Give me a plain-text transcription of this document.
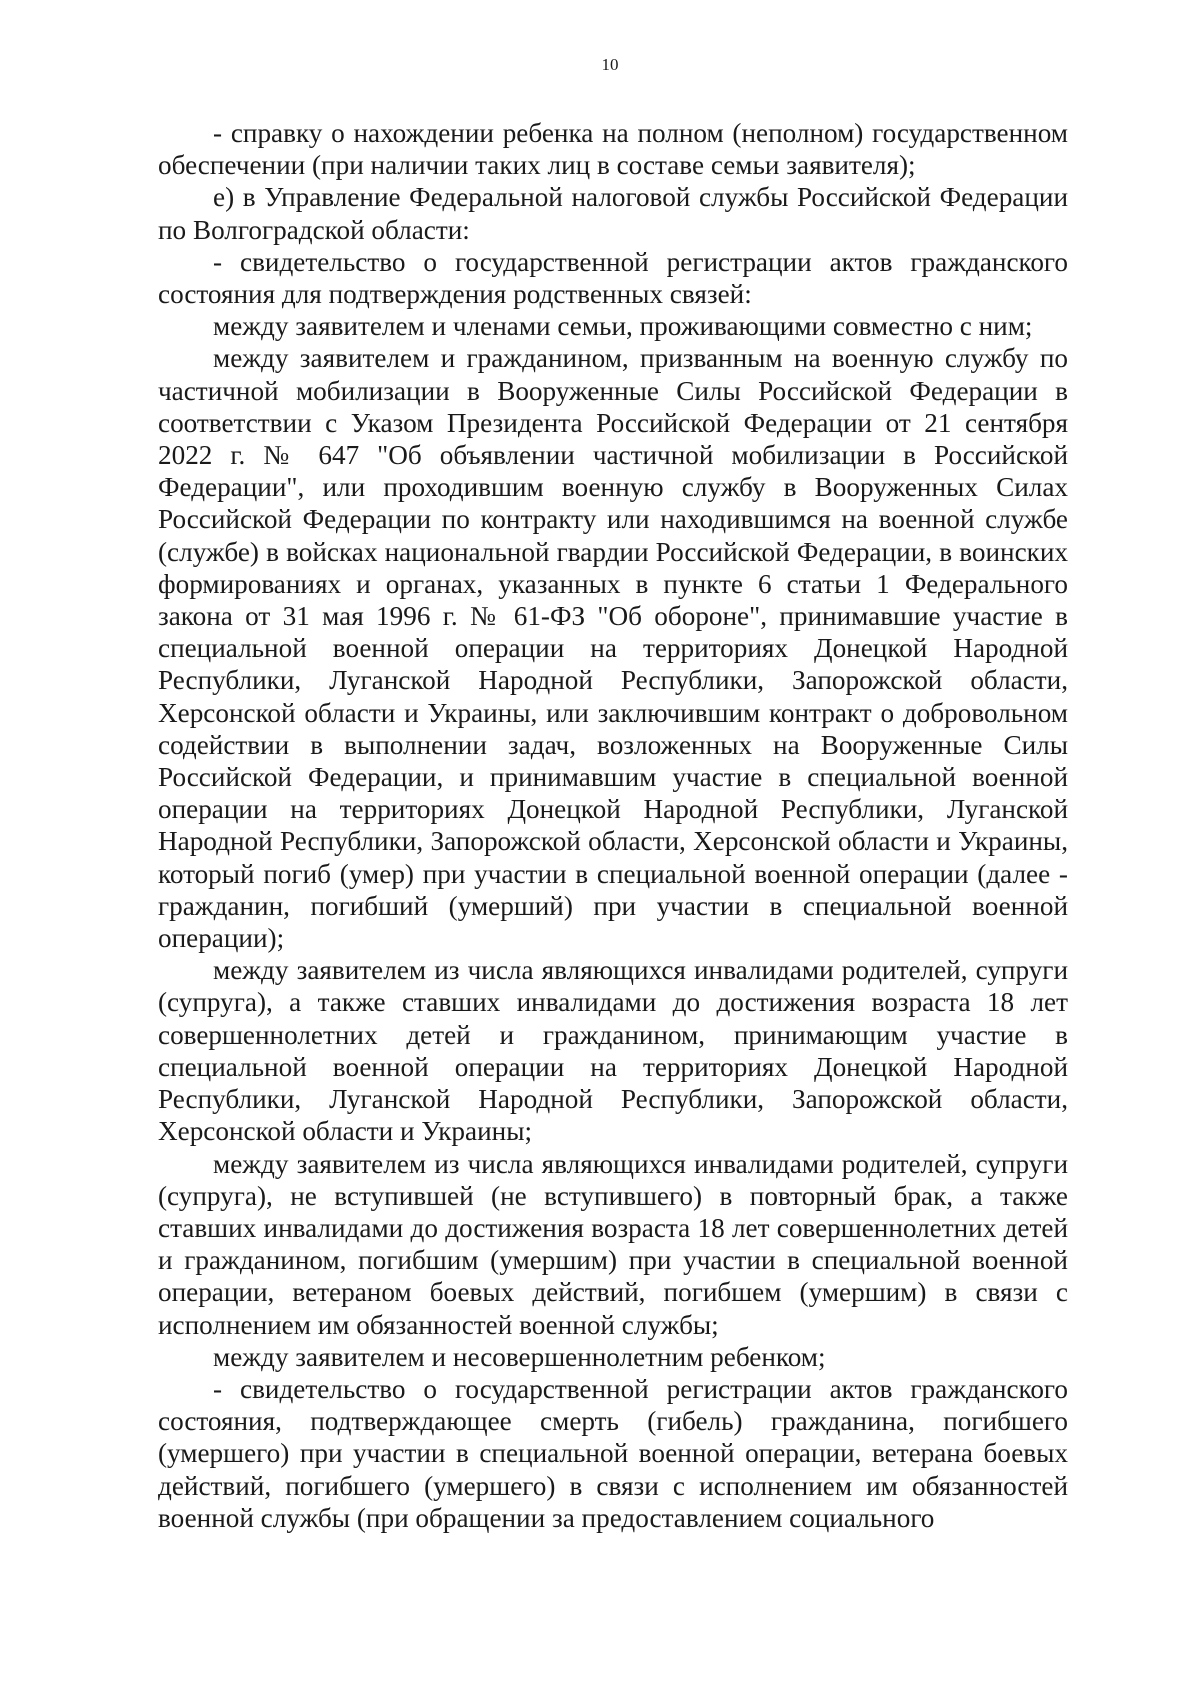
10

- справку о нахождении ребенка на полном (неполном) государственном обеспечении (при наличии таких лиц в составе семьи заявителя);

е) в Управление Федеральной налоговой службы Российской Федерации по Волгоградской области:

- свидетельство о государственной регистрации актов гражданского состояния для подтверждения родственных связей:

между заявителем и членами семьи, проживающими совместно с ним;

между заявителем и гражданином, призванным на военную службу по частичной мобилизации в Вооруженные Силы Российской Федерации в соответствии с Указом Президента Российской Федерации от 21 сентября 2022 г. № 647 "Об объявлении частичной мобилизации в Российской Федерации", или проходившим военную службу в Вооруженных Силах Российской Федерации по контракту или находившимся на военной службе (службе) в войсках национальной гвардии Российской Федерации, в воинских формированиях и органах, указанных в пункте 6 статьи 1 Федерального закона от 31 мая 1996 г. № 61-ФЗ "Об обороне", принимавшие участие в специальной военной операции на территориях Донецкой Народной Республики, Луганской Народной Республики, Запорожской области, Херсонской области и Украины, или заключившим контракт о добровольном содействии в выполнении задач, возложенных на Вооруженные Силы Российской Федерации, и принимавшим участие в специальной военной операции на территориях Донецкой Народной Республики, Луганской Народной Республики, Запорожской области, Херсонской области и Украины, который погиб (умер) при участии в специальной военной операции (далее - гражданин, погибший (умерший) при участии в специальной военной операции);

между заявителем из числа являющихся инвалидами родителей, супруги (супруга), а также ставших инвалидами до достижения возраста 18 лет совершеннолетних детей и гражданином, принимающим участие в специальной военной операции на территориях Донецкой Народной Республики, Луганской Народной Республики, Запорожской области, Херсонской области и Украины;

между заявителем из числа являющихся инвалидами родителей, супруги (супруга), не вступившей (не вступившего) в повторный брак, а также ставших инвалидами до достижения возраста 18 лет совершеннолетних детей и гражданином, погибшим (умершим) при участии в специальной военной операции, ветераном боевых действий, погибшем (умершим) в связи с исполнением им обязанностей военной службы;

между заявителем и несовершеннолетним ребенком;

- свидетельство о государственной регистрации актов гражданского состояния, подтверждающее смерть (гибель) гражданина, погибшего (умершего) при участии в специальной военной операции, ветерана боевых действий, погибшего (умершего) в связи с исполнением им обязанностей военной службы (при обращении за предоставлением социального
